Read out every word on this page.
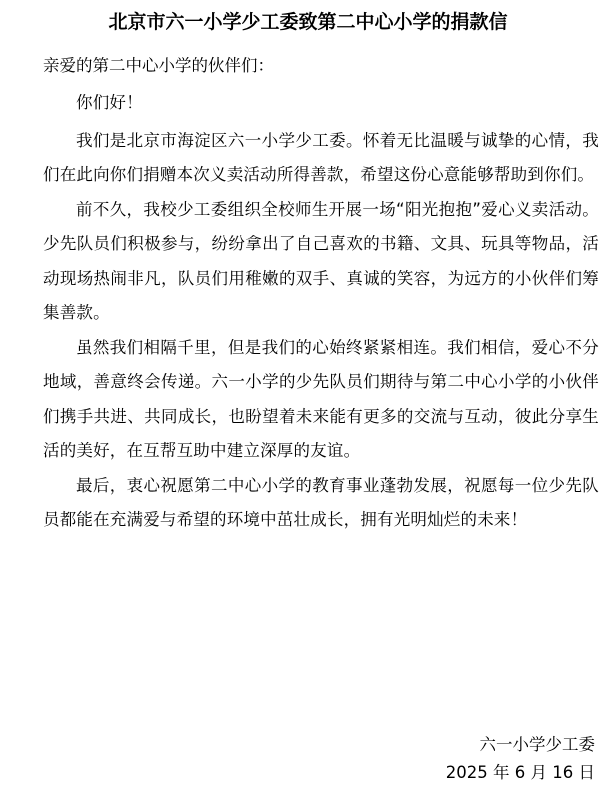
北京市六一小学少工委致第二中心小学的捐款信

亲爱的第二中心小学的伙伴们：

你们好！

我们是北京市海淀区六一小学少工委。怀着无比温暖与诚挚的心情，我们在此向你们捐赠本次义卖活动所得善款，希望这份心意能够帮助到你们。

前不久，我校少工委组织全校师生开展一场“阳光抱抱”爱心义卖活动。少先队员们积极参与，纷纷拿出了自己喜欢的书籍、文具、玩具等物品，活动现场热闹非凡，队员们用稚嫩的双手、真诚的笑容，为远方的小伙伴们筹集善款。

虽然我们相隔千里，但是我们的心始终紧紧相连。我们相信，爱心不分地域，善意终会传递。六一小学的少先队员们期待与第二中心小学的小伙伴们携手共进、共同成长，也盼望着未来能有更多的交流与互动，彼此分享生活的美好，在互帮互助中建立深厚的友谊。

最后，衷心祝愿第二中心小学的教育事业蓬勃发展，祝愿每一位少先队员都能在充满爱与希望的环境中茁壮成长，拥有光明灿烂的未来！

六一小学少工委

2025 年 6 月 16 日
